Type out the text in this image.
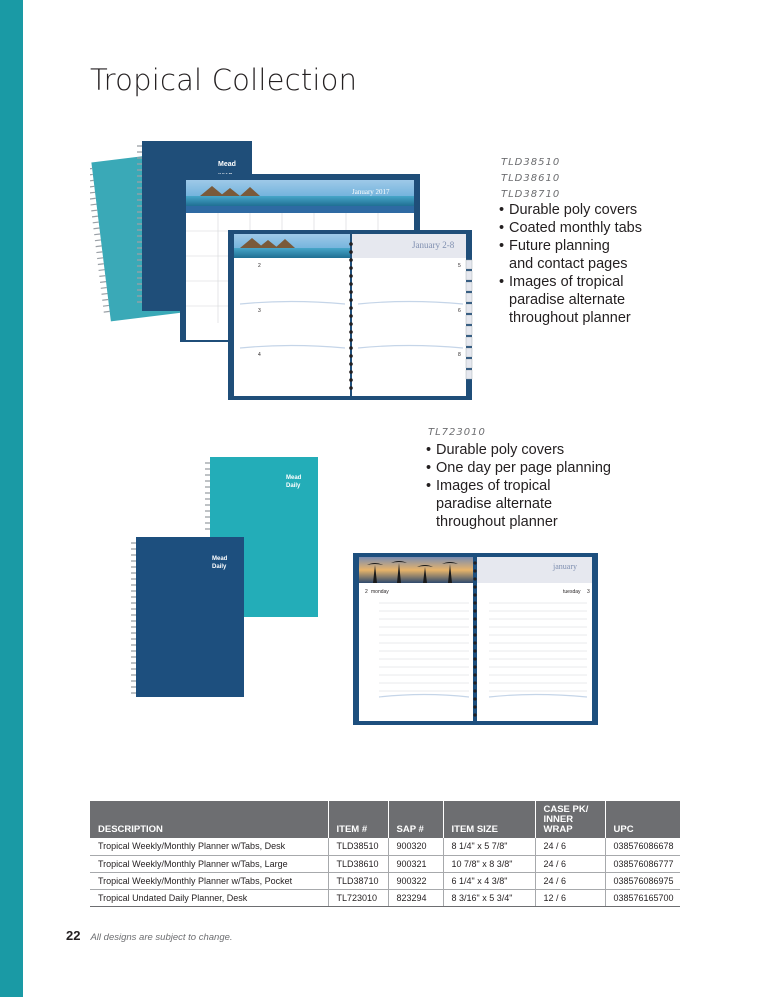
Tropical Collection
Mead
January 2017
January 2-8
2
3
4
5
6
8
TLD38510
TLD38610
TLD38710
• Durable poly covers
• Coated monthly tabs
• Future planning
and contact pages
• Images of tropical
paradise alternate
throughout planner
TL723010
• Durable poly covers
• One day per page planning
• Images of tropical
paradise alternate
throughout planner
Mead
Daily
Mead
Daily	january
2 monday	3
tuesday
DESCRIPTION	ITEM #	SAP #	ITEM SIZE	CASE PK/
INNER
WRAP	UPC
Tropical Weekly/Monthly Planner w/Tabs, Desk	TLD38510	900320	8 1/4" x 5 7/8"	24 / 6	038576086678
Tropical Weekly/Monthly Planner w/Tabs, Large	TLD38610	900321	10 7/8" x 8 3/8"	24 / 6	038576086777
Tropical Weekly/Monthly Planner w/Tabs, Pocket	TLD38710	900322	6 1/4" x 4 3/8"	24 / 6	038576086975
Tropical Undated Daily Planner, Desk	TL723010	823294	8 3/16" x 5 3/4"	12 / 6	038576165700
22 All designs are subject to change.
